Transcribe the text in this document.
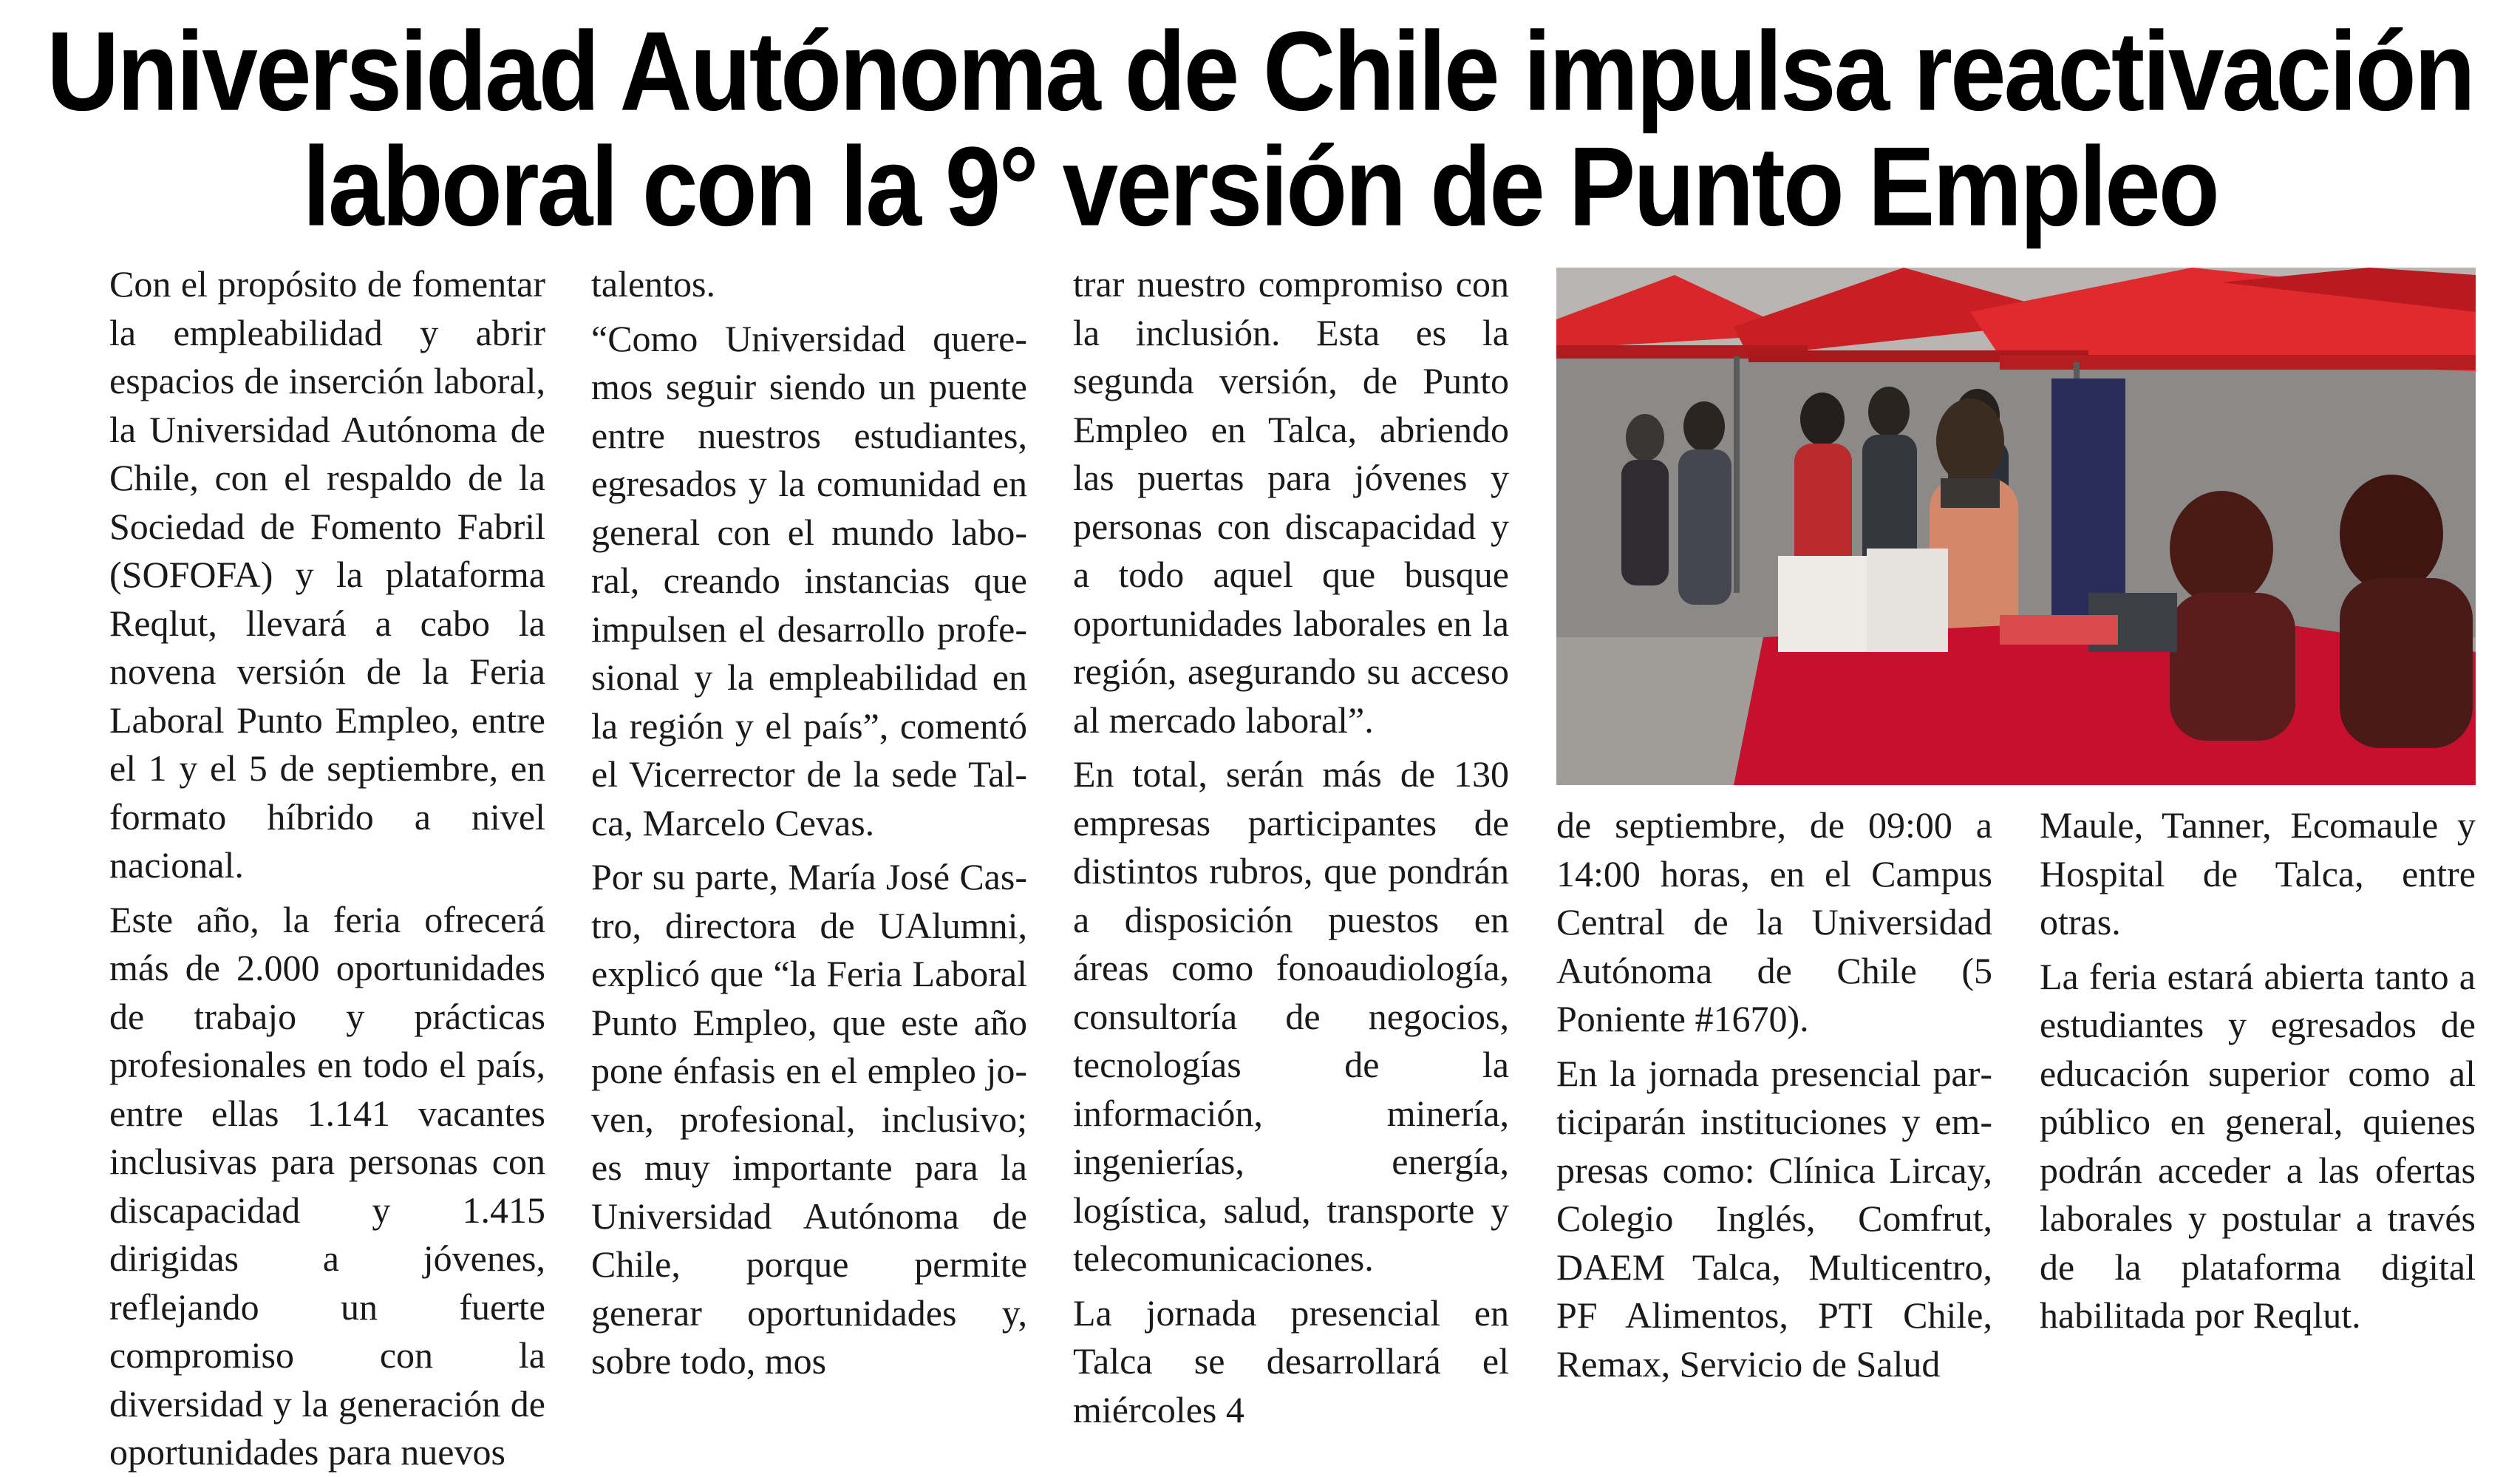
Universidad Autónoma de Chile impulsa reactivación
laboral con la 9° versión de Punto Empleo

Con el propósito de fomentar la empleabilidad y abrir espacios de inserción laboral, la Universidad Autónoma de Chile, con el respaldo de la Sociedad de Fomento Fabril (SOFOFA) y la plataforma Reqlut, llevará a cabo la novena versión de la Feria Laboral Punto Empleo, entre el 1 y el 5 de septiembre, en formato híbrido a nivel nacional.

Este año, la feria ofrecerá más de 2.000 oportunidades de trabajo y prácticas profesionales en todo el país, entre ellas 1.141 vacantes inclusivas para personas con discapacidad y 1.415 dirigidas a jóvenes, reflejando un fuerte compromiso con la diversidad y la generación de oportunidades para nuevos

talentos.

“Como Universidad queremos seguir siendo un puente entre nuestros estudiantes, egresados y la comunidad en general con el mundo laboral, creando instancias que impulsen el desarrollo profesional y la empleabilidad en la región y el país”, comentó el Vicerrector de la sede Talca, Marcelo Cevas.

Por su parte, María José Castro, directora de UAlumni, explicó que “la Feria Laboral Punto Empleo, que este año pone énfasis en el empleo joven, profesional, inclusivo; es muy importante para la Universidad Autónoma de Chile, porque permite generar oportunidades y, sobre todo, mos

trar nuestro compromiso con la inclusión. Esta es la segunda versión, de Punto Empleo en Talca, abriendo las puertas para jóvenes y personas con discapacidad y a todo aquel que busque oportunidades laborales en la región, asegurando su acceso al mercado laboral”.

En total, serán más de 130 empresas participantes de distintos rubros, que pondrán a disposición puestos en áreas como fonoaudiología, consultoría de negocios, tecnologías de la información, minería, ingenierías, energía, logística, salud, transporte y telecomunicaciones.

La jornada presencial en Talca se desarrollará el miércoles 4

de septiembre, de 09:00 a 14:00 horas, en el Campus Central de la Universidad Autónoma de Chile (5 Poniente #1670).

En la jornada presencial participarán instituciones y empresas como: Clínica Lircay, Colegio Inglés, Comfrut, DAEM Talca, Multicentro, PF Alimentos, PTI Chile, Remax, Servicio de Salud

Maule, Tanner, Ecomaule y Hospital de Talca, entre otras.

La feria estará abierta tanto a estudiantes y egresados de educación superior como al público en general, quienes podrán acceder a las ofertas laborales y postular a través de la plataforma digital habilitada por Reqlut.
